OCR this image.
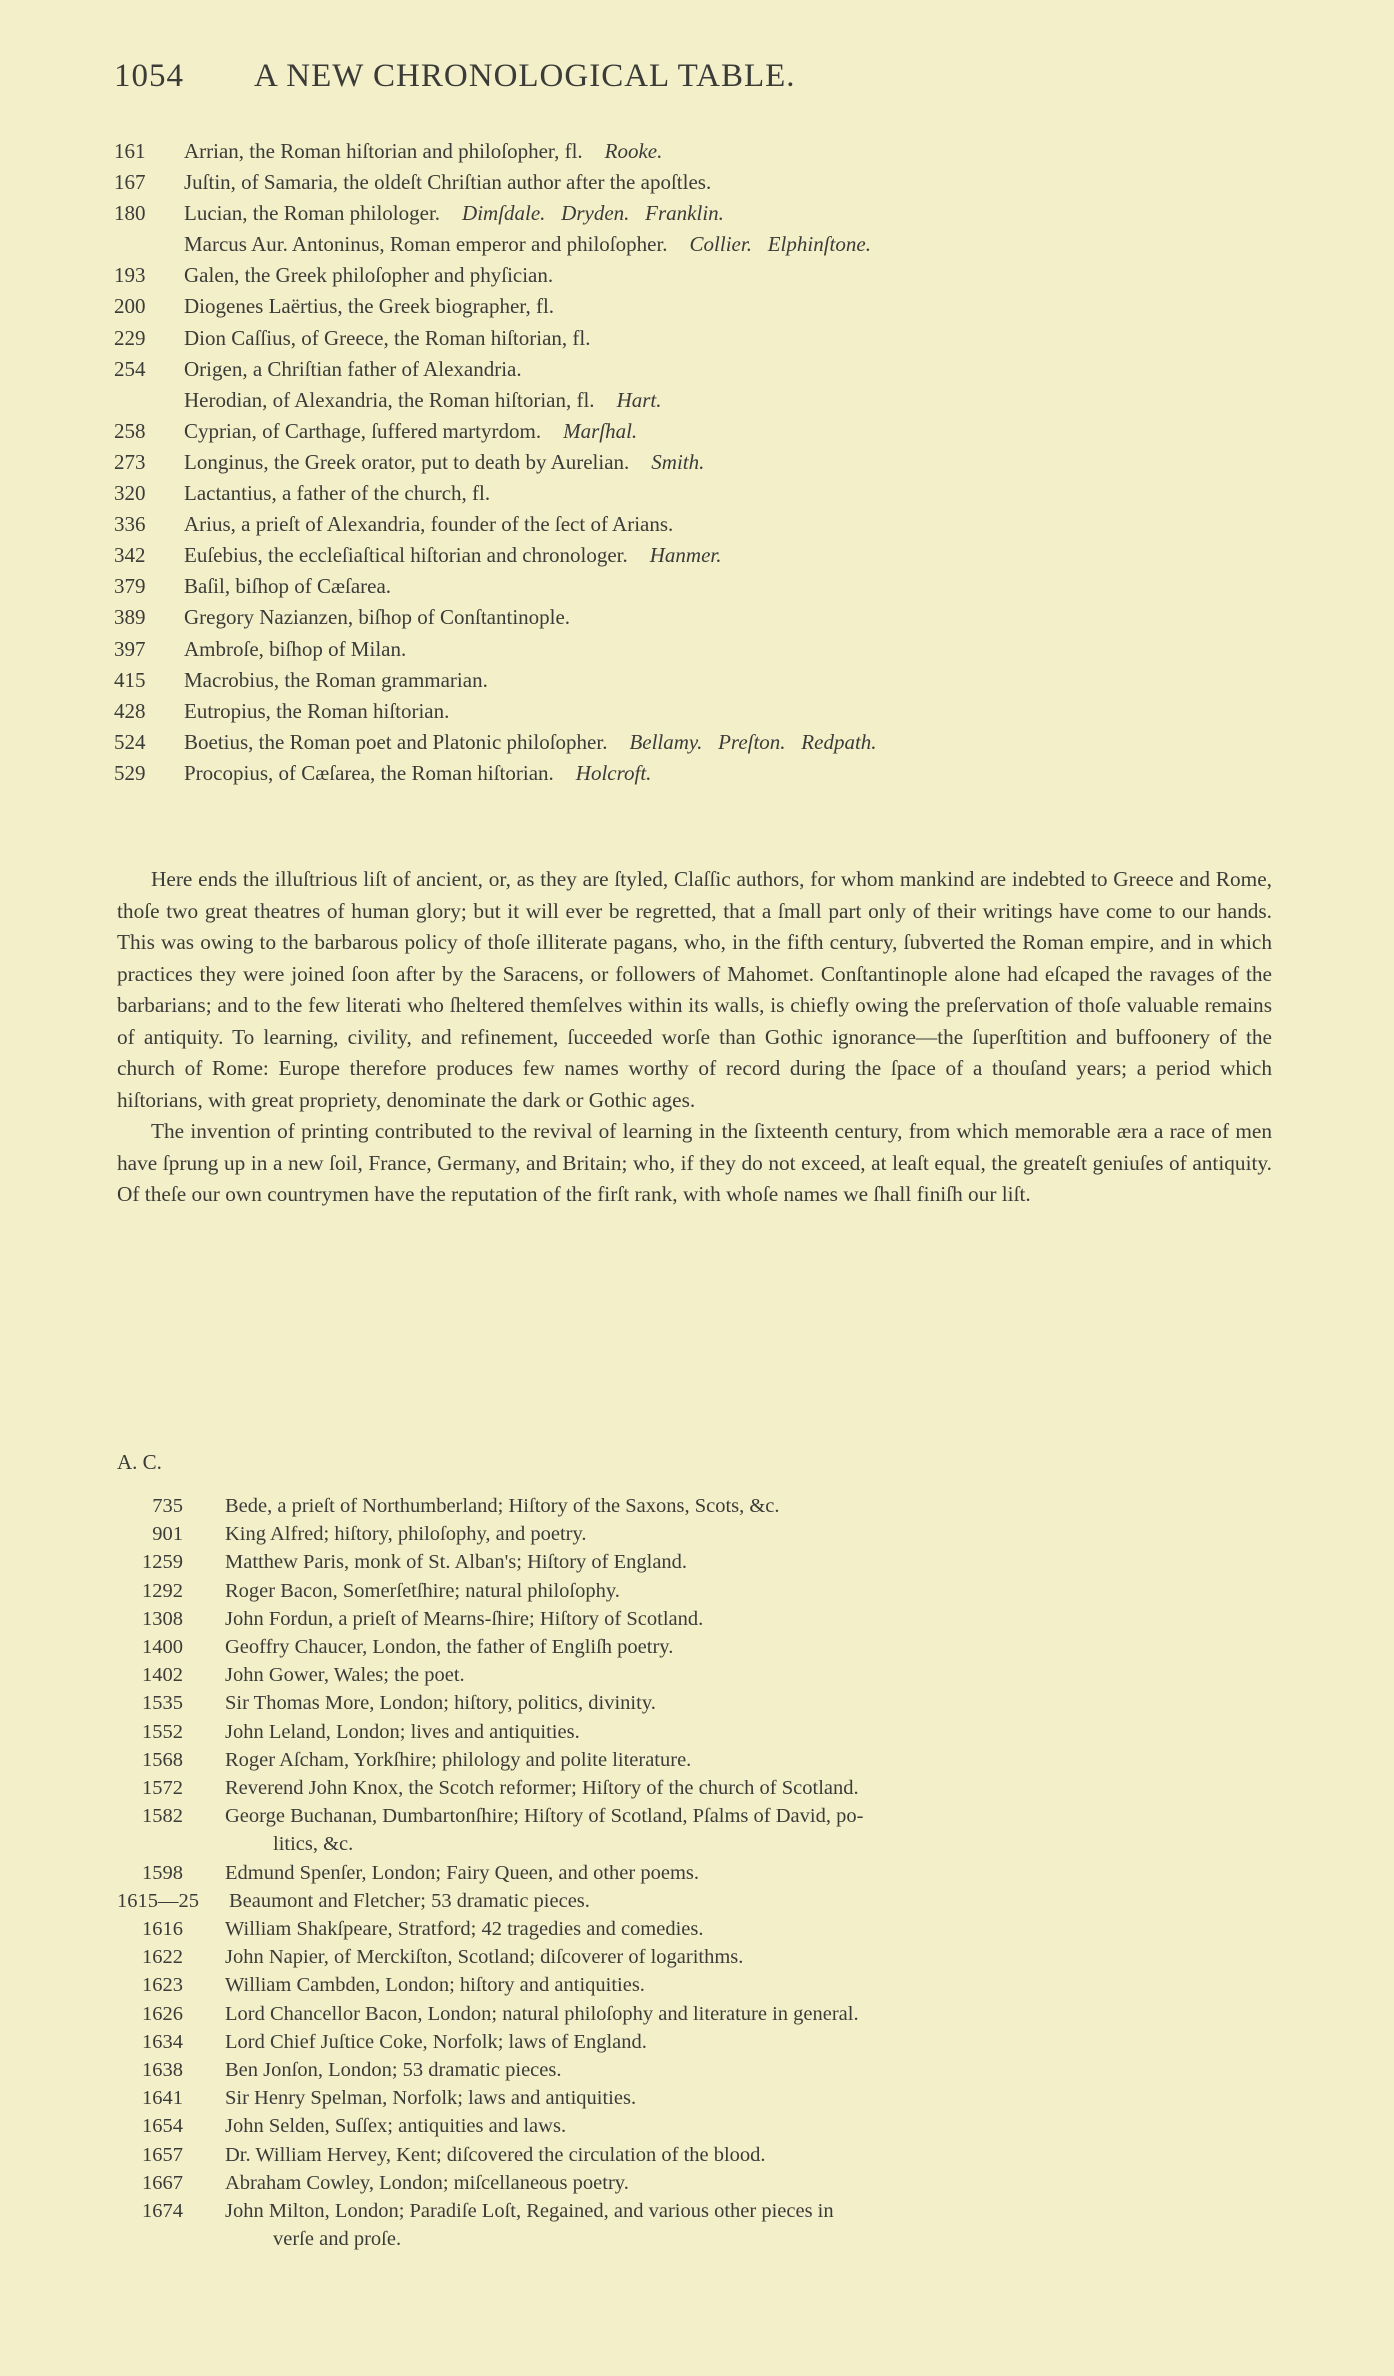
1054 A NEW CHRONOLOGICAL TABLE.
161	Arrian, the Roman hiſtorian and philoſopher, fl. Rooke.
167	Juſtin, of Samaria, the oldeſt Chriſtian author after the apoſtles.
180	Lucian, the Roman philologer. Dimſdale.   Dryden.   Franklin.
Marcus Aur. Antoninus, Roman emperor and philoſopher. Collier.   Elphinſtone.
193	Galen, the Greek philoſopher and phyſician.
200	Diogenes Laërtius, the Greek biographer, fl.
229	Dion Caſſius, of Greece, the Roman hiſtorian, fl.
254	Origen, a Chriſtian father of Alexandria.
Herodian, of Alexandria, the Roman hiſtorian, fl. Hart.
258	Cyprian, of Carthage, ſuffered martyrdom. Marſhal.
273	Longinus, the Greek orator, put to death by Aurelian. Smith.
320	Lactantius, a father of the church, fl.
336	Arius, a prieſt of Alexandria, founder of the ſect of Arians.
342	Euſebius, the eccleſiaſtical hiſtorian and chronologer. Hanmer.
379	Baſil, biſhop of Cæſarea.
389	Gregory Nazianzen, biſhop of Conſtantinople.
397	Ambroſe, biſhop of Milan.
415	Macrobius, the Roman grammarian.
428	Eutropius, the Roman hiſtorian.
524	Boetius, the Roman poet and Platonic philoſopher. Bellamy.   Preſton.   Redpath.
529	Procopius, of Cæſarea, the Roman hiſtorian. Holcroft.

Here ends the illuſtrious liſt of ancient, or, as they are ſtyled, Claſſic authors, for whom mankind are indebted to Greece and Rome, thoſe two great theatres of human glory; but it will ever be regretted, that a ſmall part only of their writings have come to our hands. This was owing to the barbarous policy of thoſe illiterate pagans, who, in the fifth century, ſubverted the Roman empire, and in which practices they were joined ſoon after by the Saracens, or followers of Mahomet. Conſtantinople alone had eſcaped the ravages of the barbarians; and to the few literati who ſheltered themſelves within its walls, is chiefly owing the preſervation of thoſe valuable remains of antiquity. To learning, civility, and refinement, ſucceeded worſe than Gothic ignorance—the ſuperſtition and buffoonery of the church of Rome: Europe therefore produces few names worthy of record during the ſpace of a thouſand years; a period which hiſtorians, with great propriety, denominate the dark or Gothic ages.

The invention of printing contributed to the revival of learning in the ſixteenth century, from which memorable æra a race of men have ſprung up in a new ſoil, France, Germany, and Britain; who, if they do not exceed, at leaſt equal, the greateſt geniuſes of antiquity. Of theſe our own countrymen have the reputation of the firſt rank, with whoſe names we ſhall finiſh our liſt.

A. C.
735 Bede, a prieſt of Northumberland; Hiſtory of the Saxons, Scots, &c.
901 King Alfred; hiſtory, philoſophy, and poetry.
1259 Matthew Paris, monk of St. Alban's; Hiſtory of England.
1292 Roger Bacon, Somerſetſhire; natural philoſophy.
1308 John Fordun, a prieſt of Mearns-ſhire; Hiſtory of Scotland.
1400 Geoffry Chaucer, London, the father of Engliſh poetry.
1402 John Gower, Wales; the poet.
1535 Sir Thomas More, London; hiſtory, politics, divinity.
1552 John Leland, London; lives and antiquities.
1568 Roger Aſcham, Yorkſhire; philology and polite literature.
1572 Reverend John Knox, the Scotch reformer; Hiſtory of the church of Scotland.
1582 George Buchanan, Dumbartonſhire; Hiſtory of Scotland, Pſalms of David, po-
litics, &c.
1598 Edmund Spenſer, London; Fairy Queen, and other poems.
1615—25 Beaumont and Fletcher; 53 dramatic pieces.
1616 William Shakſpeare, Stratford; 42 tragedies and comedies.
1622 John Napier, of Merckiſton, Scotland; diſcoverer of logarithms.
1623 William Cambden, London; hiſtory and antiquities.
1626 Lord Chancellor Bacon, London; natural philoſophy and literature in general.
1634 Lord Chief Juſtice Coke, Norfolk; laws of England.
1638 Ben Jonſon, London; 53 dramatic pieces.
1641 Sir Henry Spelman, Norfolk; laws and antiquities.
1654 John Selden, Suſſex; antiquities and laws.
1657 Dr. William Hervey, Kent; diſcovered the circulation of the blood.
1667 Abraham Cowley, London; miſcellaneous poetry.
1674 John Milton, London; Paradiſe Loſt, Regained, and various other pieces in
verſe and proſe.
